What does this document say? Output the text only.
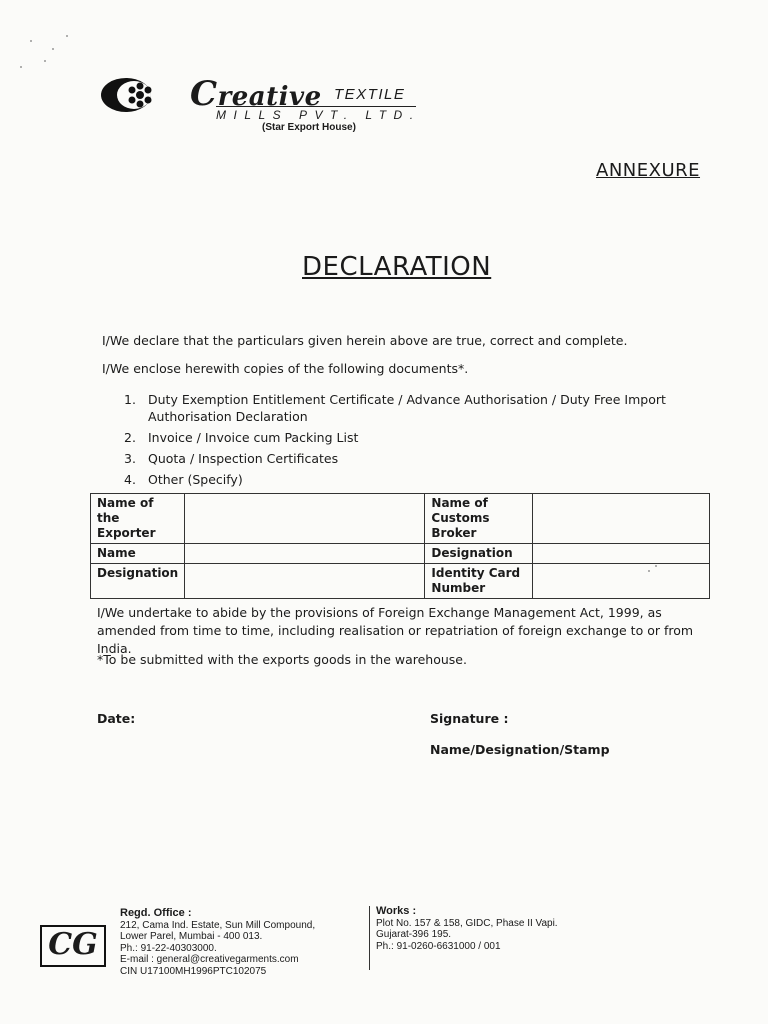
Creative TEXTILE
MILLS PVT. LTD.
(Star Export House)
ANNEXURE
DECLARATION
I/We declare that the particulars given herein above are true, correct and complete.
I/We enclose herewith copies of the following documents*.
1. Duty Exemption Entitlement Certificate / Advance Authorisation / Duty Free Import Authorisation Declaration
2. Invoice / Invoice cum Packing List
3. Quota / Inspection Certificates
4. Other (Specify)
Name of the Exporter		Name of Customs Broker	
Name		Designation	
Designation		Identity Card Number	
I/We undertake to abide by the provisions of Foreign Exchange Management Act, 1999, as amended from time to time, including realisation or repatriation of foreign exchange to or from India.
*To be submitted with the exports goods in the warehouse.
Date:	Signature :
Name/Designation/Stamp
CG
Regd. Office :
212, Cama Ind. Estate, Sun Mill Compound,
Lower Parel, Mumbai - 400 013.
Ph.: 91-22-40303000.
E-mail : general@creativegarments.com
CIN U17100MH1996PTC102075
Works :
Plot No. 157 & 158, GIDC, Phase II Vapi.
Gujarat-396 195.
Ph.: 91-0260-6631000 / 001
